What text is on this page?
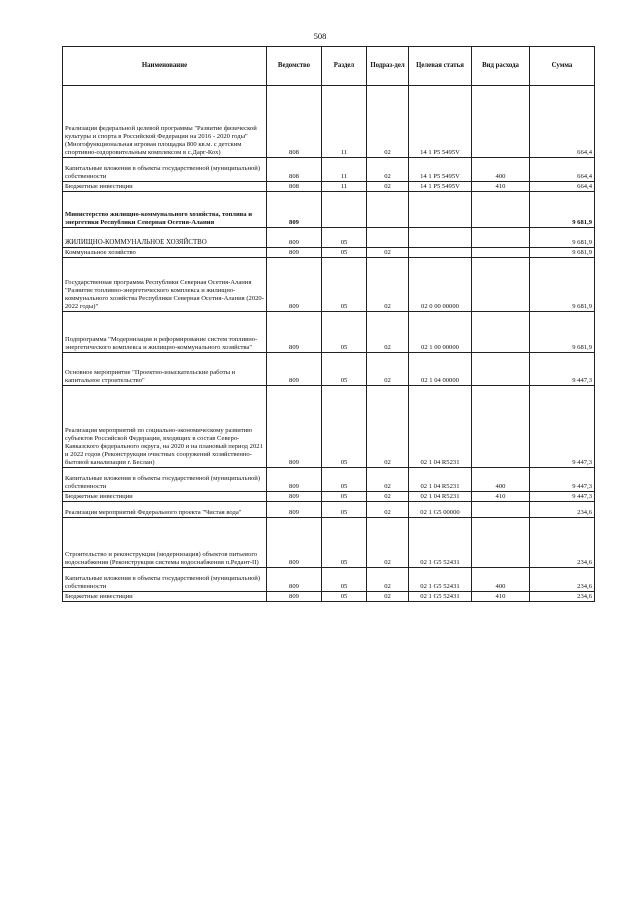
508
Наименование	Ведомство	Раздел	Подраз-дел	Целевая статья	Вид расхода	Сумма
Реализация федеральной целевой программы "Развитие физической культуры и спорта в Российской Федерации на 2016 - 2020 годы" (Многофункциональная игровая площадка 800 кв.м. с детским спортивно-оздоровительным комплексом в с.Дарг-Кох)	808	11	02	14 1 P5 5495V		664,4
Капитальные вложения в объекты государственной (муниципальной) собственности	808	11	02	14 1 P5 5495V	400	664,4
Бюджетные инвестиции	808	11	02	14 1 P5 5495V	410	664,4
Министерство жилищно-коммунального хозяйства, топлива и энергетики Республики Северная Осетия-Алания	809					9 681,9
ЖИЛИЩНО-КОММУНАЛЬНОЕ ХОЗЯЙСТВО	809	05				9 681,9
Коммунальное хозяйство	809	05	02			9 681,9
Государственная программа Республики Северная Осетия-Алания "Развитие топливно-энергетического комплекса и жилищно-коммунального хозяйства Республики Северная Осетия-Алания (2020-2022 годы)"	809	05	02	02 0 00 00000		9 681,9
Подпрограмма "Модернизация и реформирование систем топливно-энергетического комплекса и жилищно-коммунального хозяйства"	809	05	02	02 1 00 00000		9 681,9
Основное мероприятие "Проектно-изыскательские работы и капитальное строительство"	809	05	02	02 1 04 00000		9 447,3
Реализация мероприятий по социально-экономическому развитию субъектов Российской Федерации, входящих в состав Северо-Кавказского федерального округа, на 2020 и на плановый период 2021 и 2022 годов (Реконструкция очистных сооружений хозяйственно-бытовой канализации г. Беслан)	809	05	02	02 1 04 R5231		9 447,3
Капитальные вложения в объекты государственной (муниципальной) собственности	809	05	02	02 1 04 R5231	400	9 447,3
Бюджетные инвестиции	809	05	02	02 1 04 R5231	410	9 447,3
Реализация мероприятий Федерального проекта "Чистая вода"	809	05	02	02 1 G5 00000		234,6
Строительство и реконструкция (модернизация) объектов питьевого водоснабжения (Реконструкция системы водоснабжения п.Редант-II)	809	05	02	02 1 G5 52431		234,6
Капитальные вложения в объекты государственной (муниципальной) собственности	809	05	02	02 1 G5 52431	400	234,6
Бюджетные инвестиции	809	05	02	02 1 G5 52431	410	234,6
